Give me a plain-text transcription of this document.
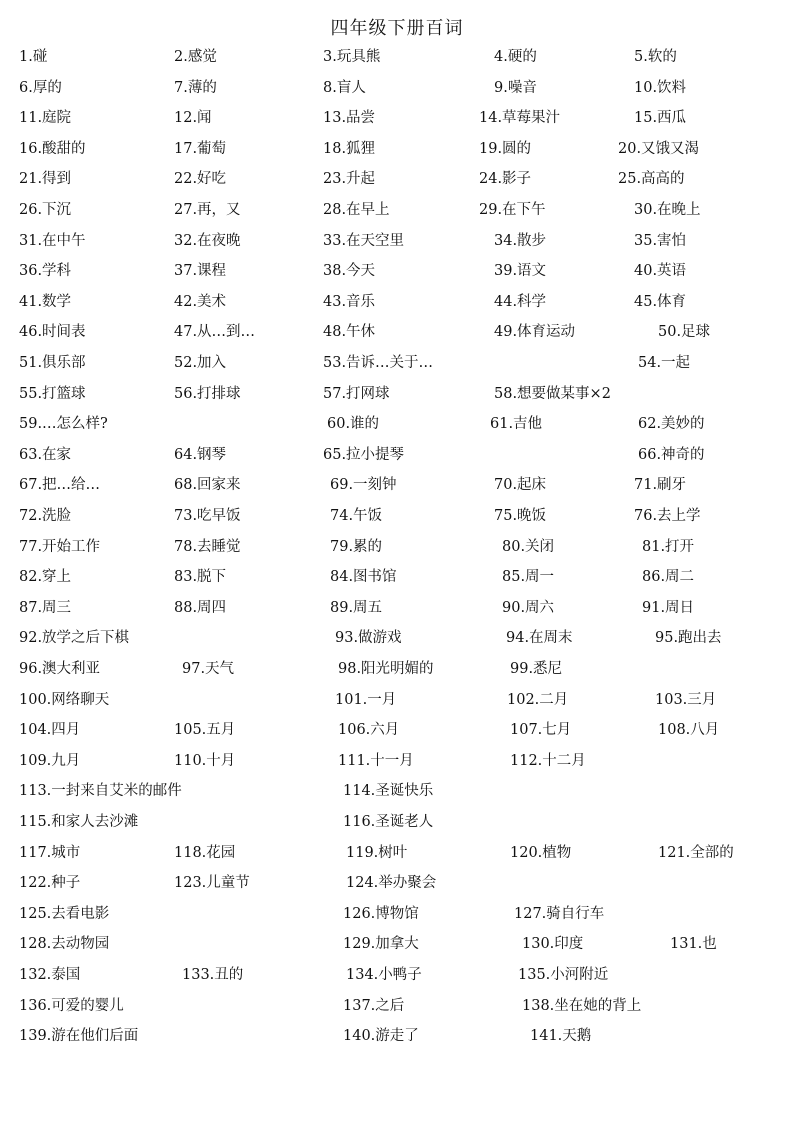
四年级下册百词
1.碰	2.感觉	3.玩具熊	4.硬的	5.软的
6.厚的	7.薄的	8.盲人	9.噪音	10.饮料
11.庭院	12.闻	13.品尝	14.草莓果汁	15.西瓜
16.酸甜的	17.葡萄	18.狐狸	19.圆的	20.又饿又渴
21.得到	22.好吃	23.升起	24.影子	25.高高的
26.下沉	27.再，又	28.在早上	29.在下午	30.在晚上
31.在中午	32.在夜晚	33.在天空里	34.散步	35.害怕
36.学科	37.课程	38.今天	39.语文	40.英语
41.数学	42.美术	43.音乐	44.科学	45.体育
46.时间表	47.从…到…	48.午休	49.体育运动	50.足球
51.俱乐部	52.加入	53.告诉…关于…	54.一起
55.打篮球	56.打排球	57.打网球	58.想要做某事×2
59.…怎么样?	60.谁的	61.吉他	62.美妙的
63.在家	64.钢琴	65.拉小提琴	66.神奇的
67.把…给…	68.回家来	69.一刻钟	70.起床	71.刷牙
72.洗脸	73.吃早饭	74.午饭	75.晚饭	76.去上学
77.开始工作	78.去睡觉	79.累的	80.关闭	81.打开
82.穿上	83.脱下	84.图书馆	85.周一	86.周二
87.周三	88.周四	89.周五	90.周六	91.周日
92.放学之后下棋	93.做游戏	94.在周末	95.跑出去
96.澳大利亚	97.天气	98.阳光明媚的	99.悉尼
100.网络聊天	101.一月	102.二月	103.三月
104.四月	105.五月	106.六月	107.七月	108.八月
109.九月	110.十月	111.十一月	112.十二月
113.一封来自艾米的邮件	114.圣诞快乐
115.和家人去沙滩	116.圣诞老人
117.城市	118.花园	119.树叶	120.植物	121.全部的
122.种子	123.儿童节	124.举办聚会
125.去看电影	126.博物馆	127.骑自行车
128.去动物园	129.加拿大	130.印度	131.也
132.泰国	133.丑的	134.小鸭子	135.小河附近
136.可爱的婴儿	137.之后	138.坐在她的背上
139.游在他们后面	140.游走了	141.天鹅
